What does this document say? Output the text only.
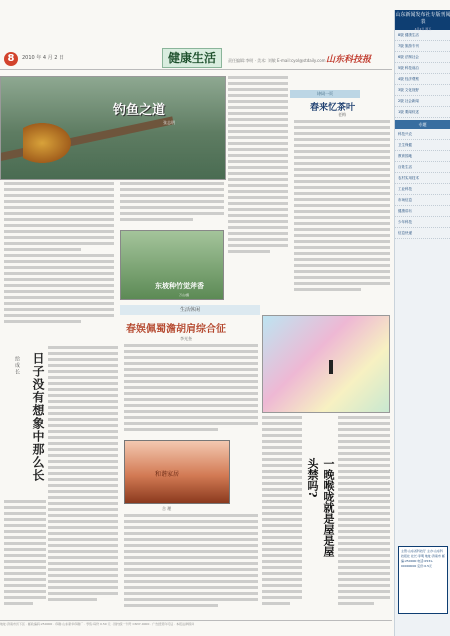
8	2010 年 4 月 2 日	健康生活	责任编辑:李明 · 美术: 刘敏 E-mail:cyol@stdaily.com 山东科技报
钓鱼之道
张志明
东坡种竹觉斧香
万山/摄
诗词一页
春来忆茶叶
老梅
生活休闲
春娱佩蜀澹胡肩综合征
李光奎
和谐家居
合 理	一晚喉咙就是屋是屋头禁吗?
给 成 长 日子没有想象中那么长
山东新闻发布社专版刊阅表
4月2日 周五
8版 健康生活
7版 旅游专刊
6版 法制社会
5版 科技前沿
4版 经济观察
3版 文化视野
2版 社会新闻
1版 要闻综述
专题
科技兴农
卫生保健
教育园地
百姓生活
农村实用技术
工业科技
市场信息
健康讲坛
少年科技
信息快递
主管:山东省科技厅 主办:山东科技报社 社长:李明 地址:济南市 邮编:250000 电话:0531-00000000 定价:0.5元
地址:济南市历下区 · 邮政编码:250000 · 印刷:山东新华印刷厂 · 零售:每份 0.50 元 · 国内统一刊号 CN37-0000 · 广告经营许可证 · 本报法律顾问
